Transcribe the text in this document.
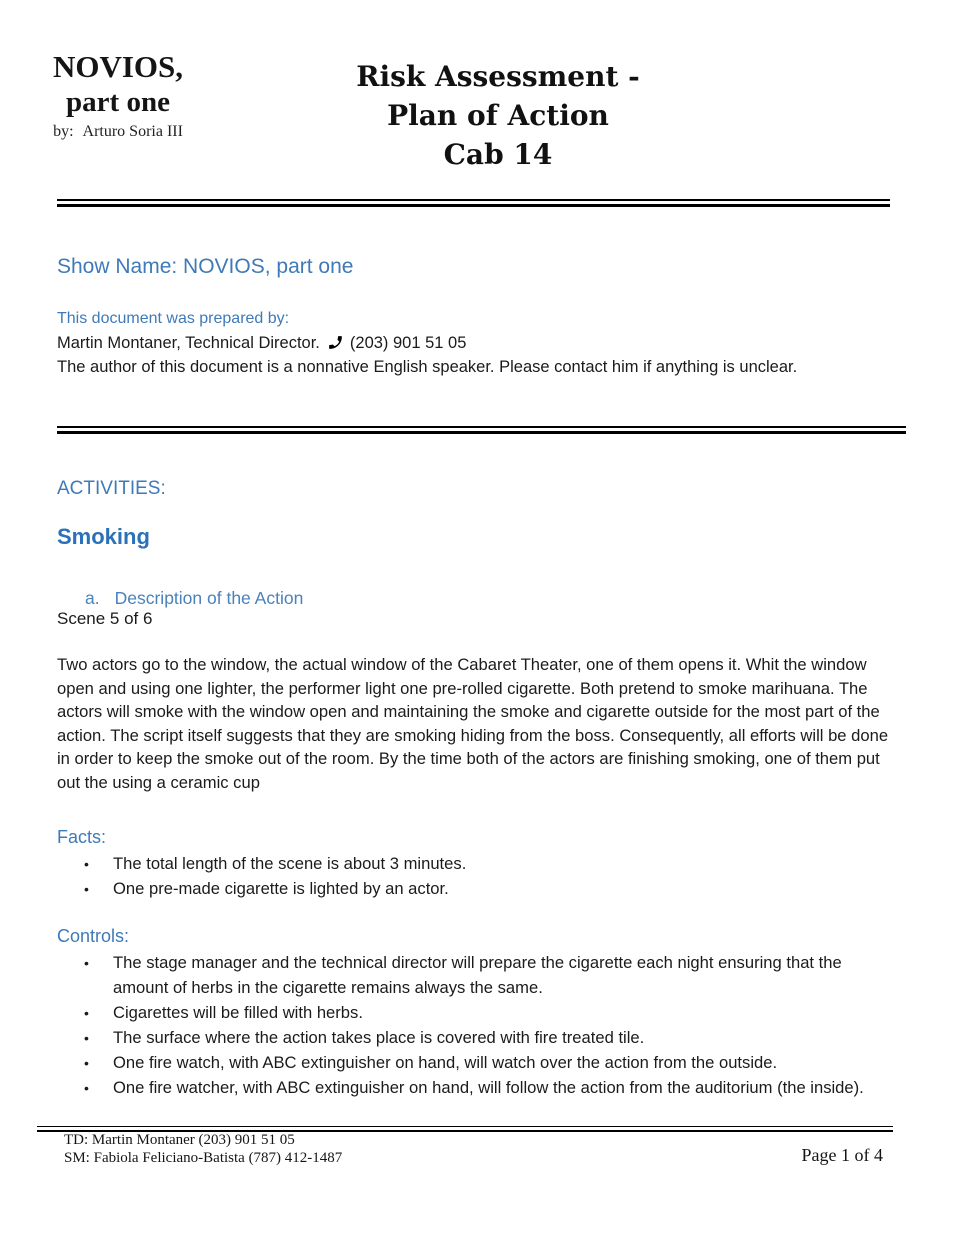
NOVIOS,
part one
by: Arturo Soria III
Risk Assessment -
Plan of Action
Cab 14
Show Name: NOVIOS, part one
This document was prepared by:
Martin Montaner, Technical Director. (203) 901 51 05
The author of this document is a nonnative English speaker. Please contact him if anything is unclear.
ACTIVITIES:
Smoking
a. Description of the Action
Scene 5 of 6
Two actors go to the window, the actual window of the Cabaret Theater, one of them opens it. Whit the window open and using one lighter, the performer light one pre-rolled cigarette. Both pretend to smoke marihuana. The actors will smoke with the window open and maintaining the smoke and cigarette outside for the most part of the action. The script itself suggests that they are smoking hiding from the boss. Consequently, all efforts will be done in order to keep the smoke out of the room. By the time both of the actors are finishing smoking, one of them put out the using a ceramic cup
Facts:
• The total length of the scene is about 3 minutes.
• One pre-made cigarette is lighted by an actor.
Controls:
• The stage manager and the technical director will prepare the cigarette each night ensuring that the amount of herbs in the cigarette remains always the same.
• Cigarettes will be filled with herbs.
• The surface where the action takes place is covered with fire treated tile.
• One fire watch, with ABC extinguisher on hand, will watch over the action from the outside.
• One fire watcher, with ABC extinguisher on hand, will follow the action from the auditorium (the inside).
TD: Martin Montaner (203) 901 51 05
SM: Fabiola Feliciano-Batista (787) 412-1487	Page 1 of 4
